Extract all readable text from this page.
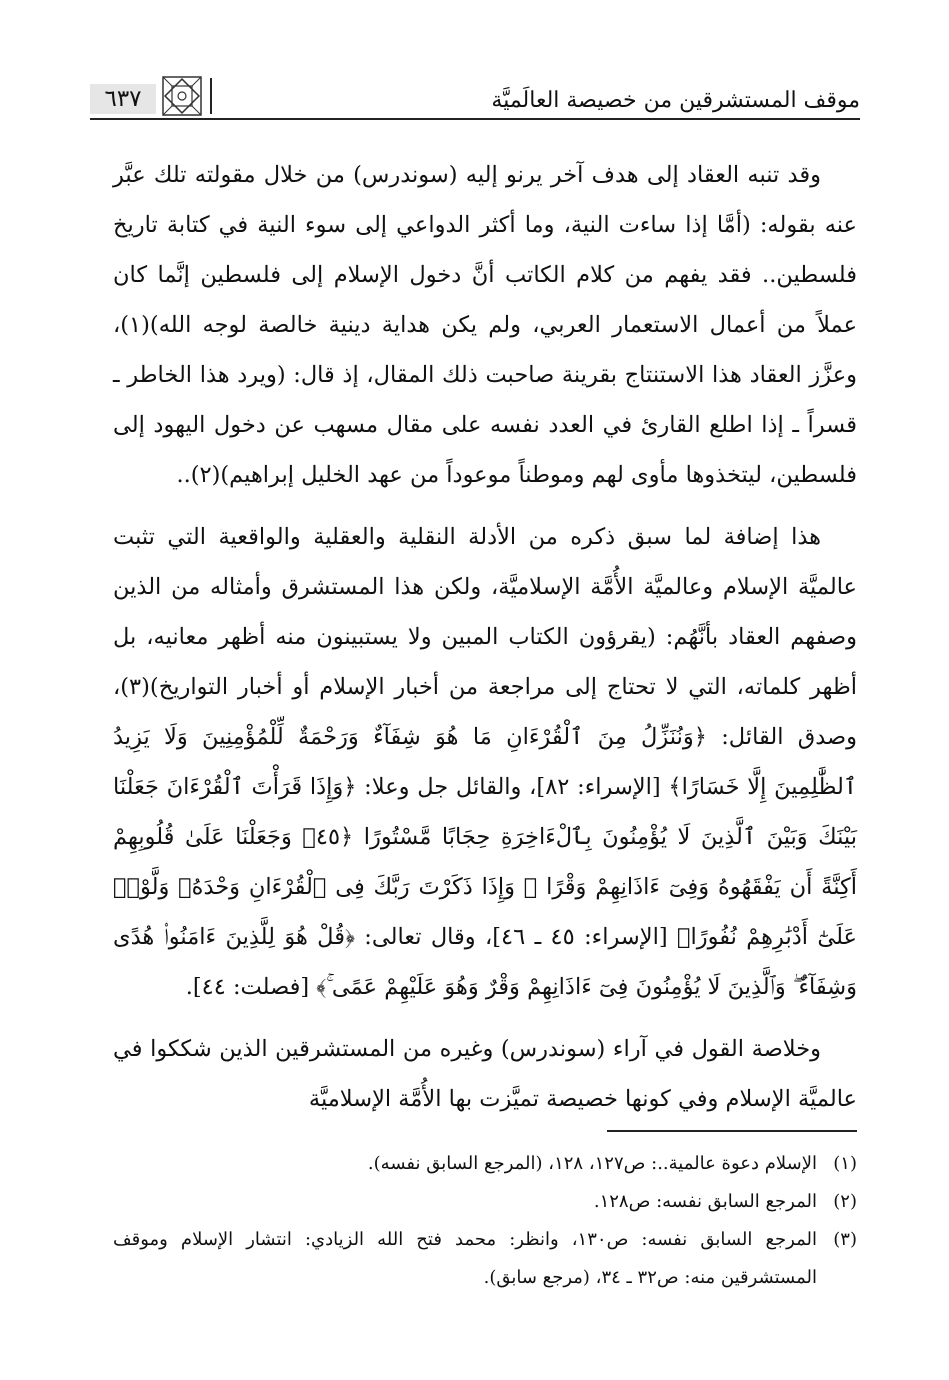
موقف المستشرقين من خصيصة العالَميَّة
٦٣٧

وقد تنبه العقاد إلى هدف آخر يرنو إليه (سوندرس) من خلال مقولته تلك عبَّر عنه بقوله: (أمَّا إذا ساءت النية، وما أكثر الدواعي إلى سوء النية في كتابة تاريخ فلسطين.. فقد يفهم من كلام الكاتب أنَّ دخول الإسلام إلى فلسطين إنَّما كان عملاً من أعمال الاستعمار العربي، ولم يكن هداية دينية خالصة لوجه الله)(١)، وعزَّز العقاد هذا الاستنتاج بقرينة صاحبت ذلك المقال، إذ قال: (ويرد هذا الخاطر ـ قسراً ـ إذا اطلع القارئ في العدد نفسه على مقال مسهب عن دخول اليهود إلى فلسطين، ليتخذوها مأوى لهم وموطناً موعوداً من عهد الخليل إبراهيم)(٢)..

هذا إضافة لما سبق ذكره من الأدلة النقلية والعقلية والواقعية التي تثبت عالميَّة الإسلام وعالميَّة الأُمَّة الإسلاميَّة، ولكن هذا المستشرق وأمثاله من الذين وصفهم العقاد بأنَّهُم: (يقرؤون الكتاب المبين ولا يستبينون منه أظهر معانيه، بل أظهر كلماته، التي لا تحتاج إلى مراجعة من أخبار الإسلام أو أخبار التواريخ)(٣)، وصدق القائل: ﴿وَنُنَزِّلُ مِنَ ٱلْقُرْءَانِ مَا هُوَ شِفَآءٌ وَرَحْمَةٌ لِّلْمُؤْمِنِينَ وَلَا يَزِيدُ ٱلظَّٰلِمِينَ إِلَّا خَسَارًا﴾ [الإسراء: ٨٢]، والقائل جل وعلا: ﴿وَإِذَا قَرَأْتَ ٱلْقُرْءَانَ جَعَلْنَا بَيْنَكَ وَبَيْنَ ٱلَّذِينَ لَا يُؤْمِنُونَ بِٱلْءَاخِرَةِ حِجَابًا مَّسْتُورًا ﴿٤٥﴾ وَجَعَلْنَا عَلَىٰ قُلُوبِهِمْ أَكِنَّةً أَن يَفْقَهُوهُ وَفِىٓ ءَاذَانِهِمْ وَقْرًا ۚ وَإِذَا ذَكَرْتَ رَبَّكَ فِى ٱلْقُرْءَانِ وَحْدَهُۥ وَلَّوْا۟ عَلَىٰٓ أَدْبَٰرِهِمْ نُفُورًا﴾ [الإسراء: ٤٥ ـ ٤٦]، وقال تعالى: ﴿قُلْ هُوَ لِلَّذِينَ ءَامَنُوا۟ هُدًى وَشِفَآءٌ ۖ وَٱلَّذِينَ لَا يُؤْمِنُونَ فِىٓ ءَاذَانِهِمْ وَقْرٌ وَهُوَ عَلَيْهِمْ عَمًى ۚ﴾ [فصلت: ٤٤].

وخلاصة القول في آراء (سوندرس) وغيره من المستشرقين الذين شككوا في عالميَّة الإسلام وفي كونها خصيصة تميَّزت بها الأُمَّة الإسلاميَّة

(١)
الإسلام دعوة عالمية..: ص١٢٧، ١٢٨، (المرجع السابق نفسه).

(٢)
المرجع السابق نفسه: ص١٢٨.

(٣)
المرجع السابق نفسه: ص١٣٠، وانظر: محمد فتح الله الزيادي: انتشار الإسلام وموقف المستشرقين منه: ص٣٢ ـ ٣٤، (مرجع سابق).
